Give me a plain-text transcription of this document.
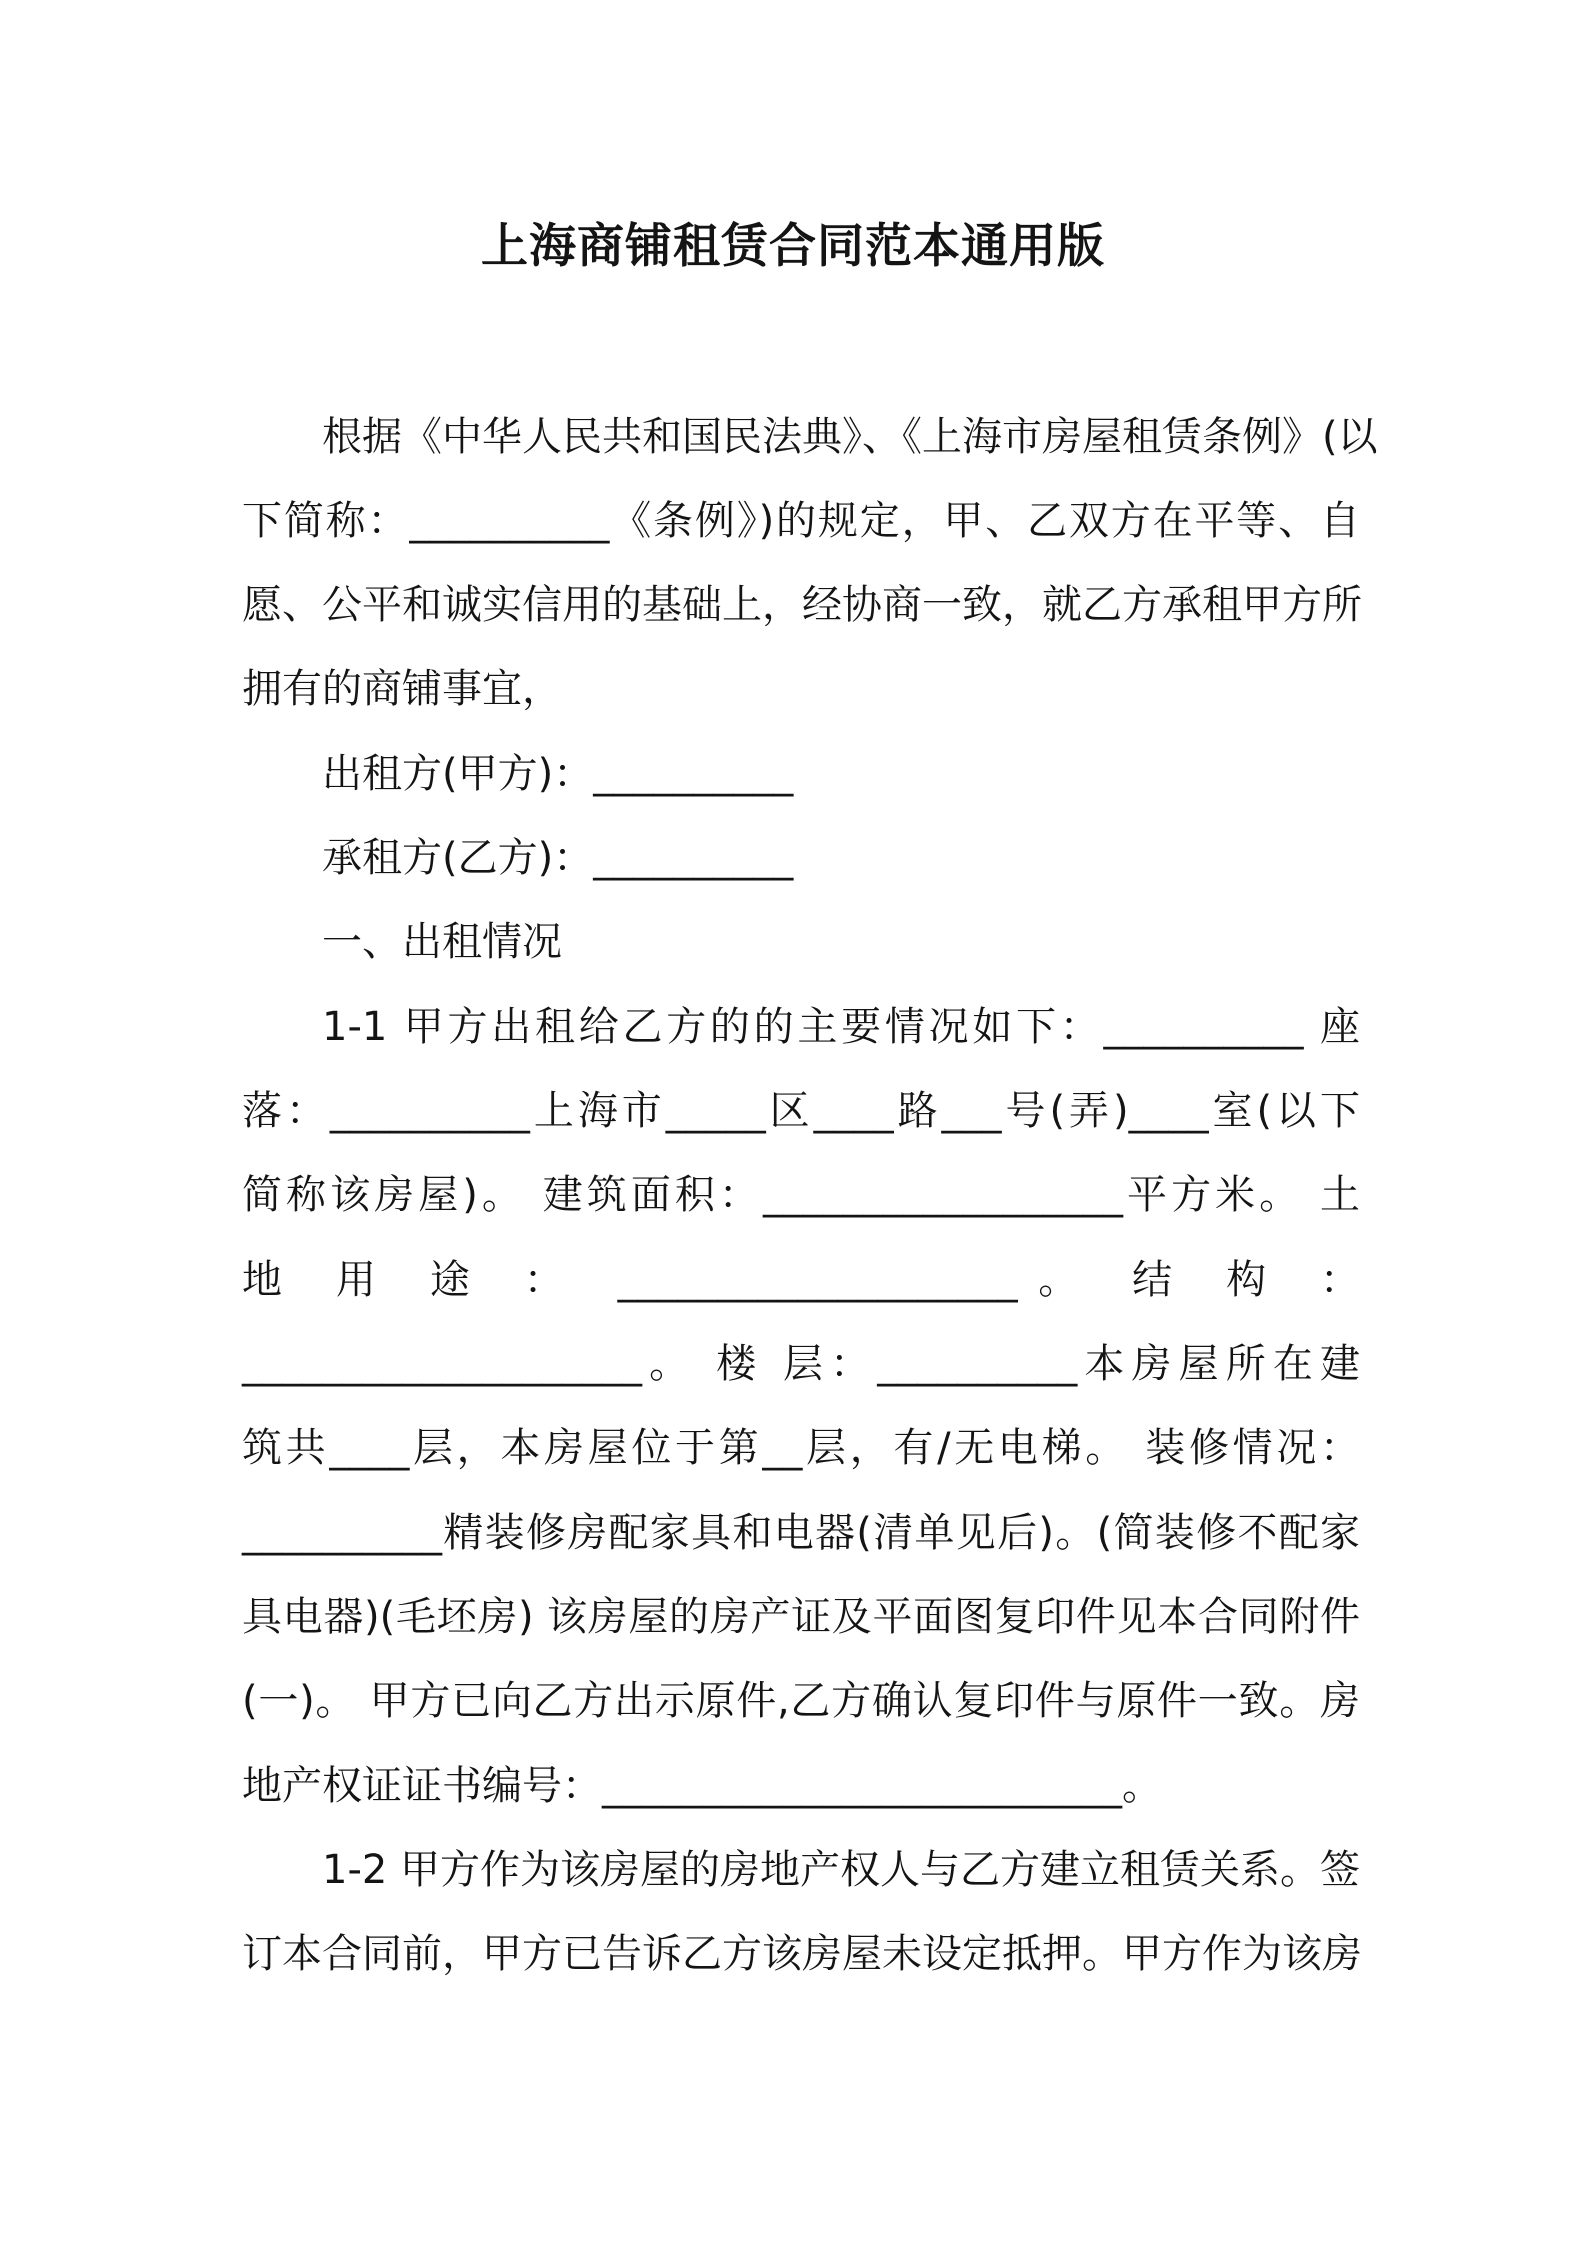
上海商铺租赁合同范本通用版
根据《中华人民共和国民法典》、《上海市房屋租赁条例》(以
下简称：__________《条例》)的规定，甲、乙双方在平等、自
愿、公平和诚实信用的基础上，经协商一致，就乙方承租甲方所
拥有的商铺事宜，
出租方(甲方)：__________
承租方(乙方)：__________
一、出租情况
1-1 甲方出租给乙方的的主要情况如下：__________ 座
落：__________上海市_____区____路___号(弄)____室(以下
简称该房屋)。 建筑面积：__________________平方米。 土
地 用 途 ： ____________________。 结 构 ：
____________________。 楼 层：__________本房屋所在建
筑共____层，本房屋位于第__层，有/无电梯。 装修情况：
__________精装修房配家具和电器(清单见后)。(简装修不配家
具电器)(毛坯房) 该房屋的房产证及平面图复印件见本合同附件
(一)。 甲方已向乙方出示原件,乙方确认复印件与原件一致。房
地产权证证书编号：__________________________。
1-2 甲方作为该房屋的房地产权人与乙方建立租赁关系。签
订本合同前，甲方已告诉乙方该房屋未设定抵押。甲方作为该房
